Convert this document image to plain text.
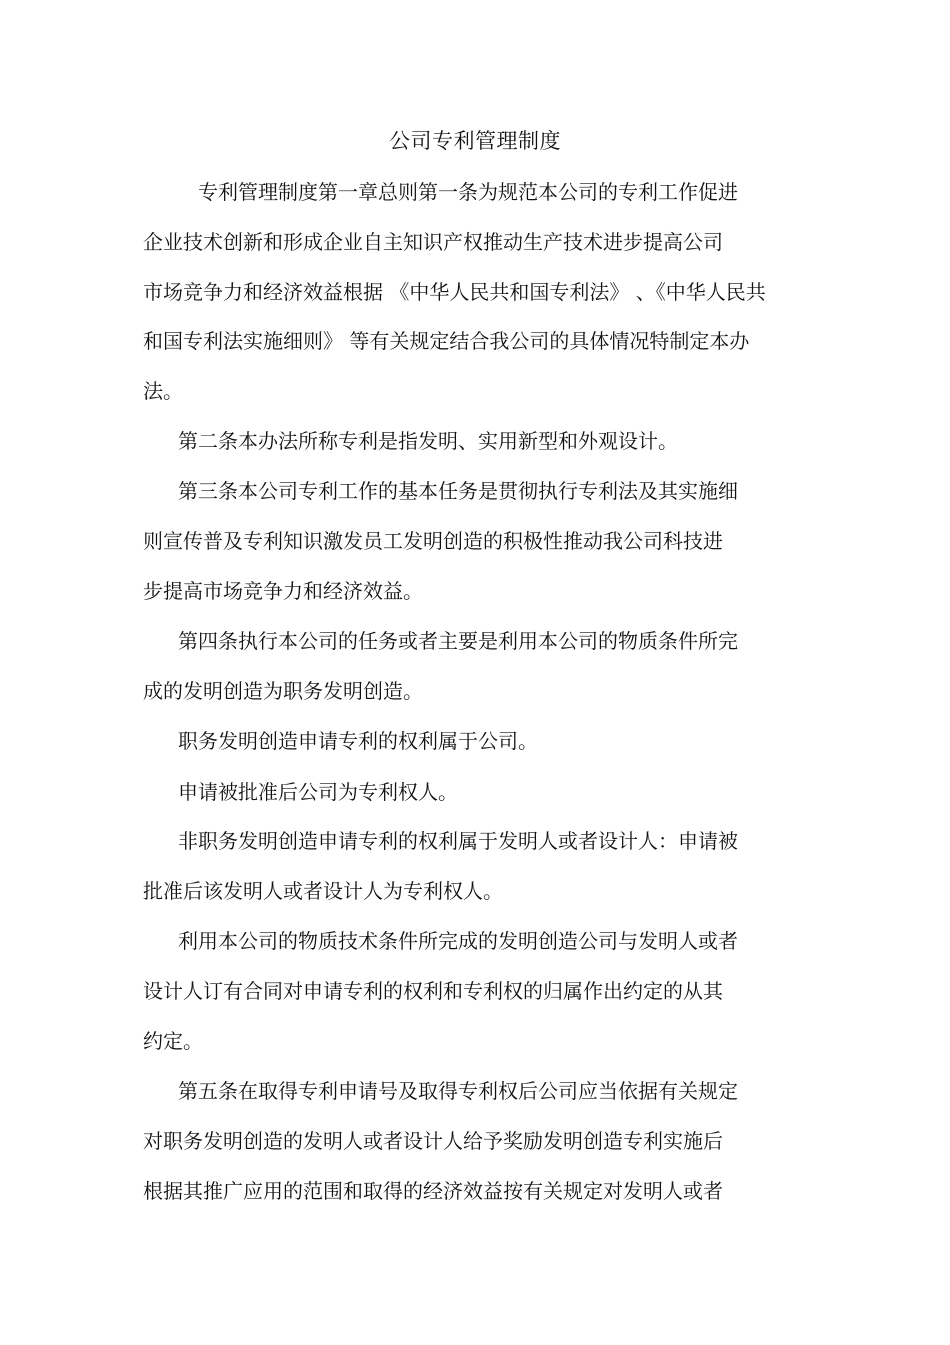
公司专利管理制度
专利管理制度第一章总则第一条为规范本公司的专利工作促进
企业技术创新和形成企业自主知识产权推动生产技术进步提高公司
市场竞争力和经济效益根据 《中华人民共和国专利法》 、《中华人民共
和国专利法实施细则》 等有关规定结合我公司的具体情况特制定本办
法。
第二条本办法所称专利是指发明、实用新型和外观设计。
第三条本公司专利工作的基本任务是贯彻执行专利法及其实施细
则宣传普及专利知识激发员工发明创造的积极性推动我公司科技进
步提高市场竞争力和经济效益。
第四条执行本公司的任务或者主要是利用本公司的物质条件所完
成的发明创造为职务发明创造。
职务发明创造申请专利的权利属于公司。
申请被批准后公司为专利权人。
非职务发明创造申请专利的权利属于发明人或者设计人：申请被
批准后该发明人或者设计人为专利权人。
利用本公司的物质技术条件所完成的发明创造公司与发明人或者
设计人订有合同对申请专利的权利和专利权的归属作出约定的从其
约定。
第五条在取得专利申请号及取得专利权后公司应当依据有关规定
对职务发明创造的发明人或者设计人给予奖励发明创造专利实施后
根据其推广应用的范围和取得的经济效益按有关规定对发明人或者
